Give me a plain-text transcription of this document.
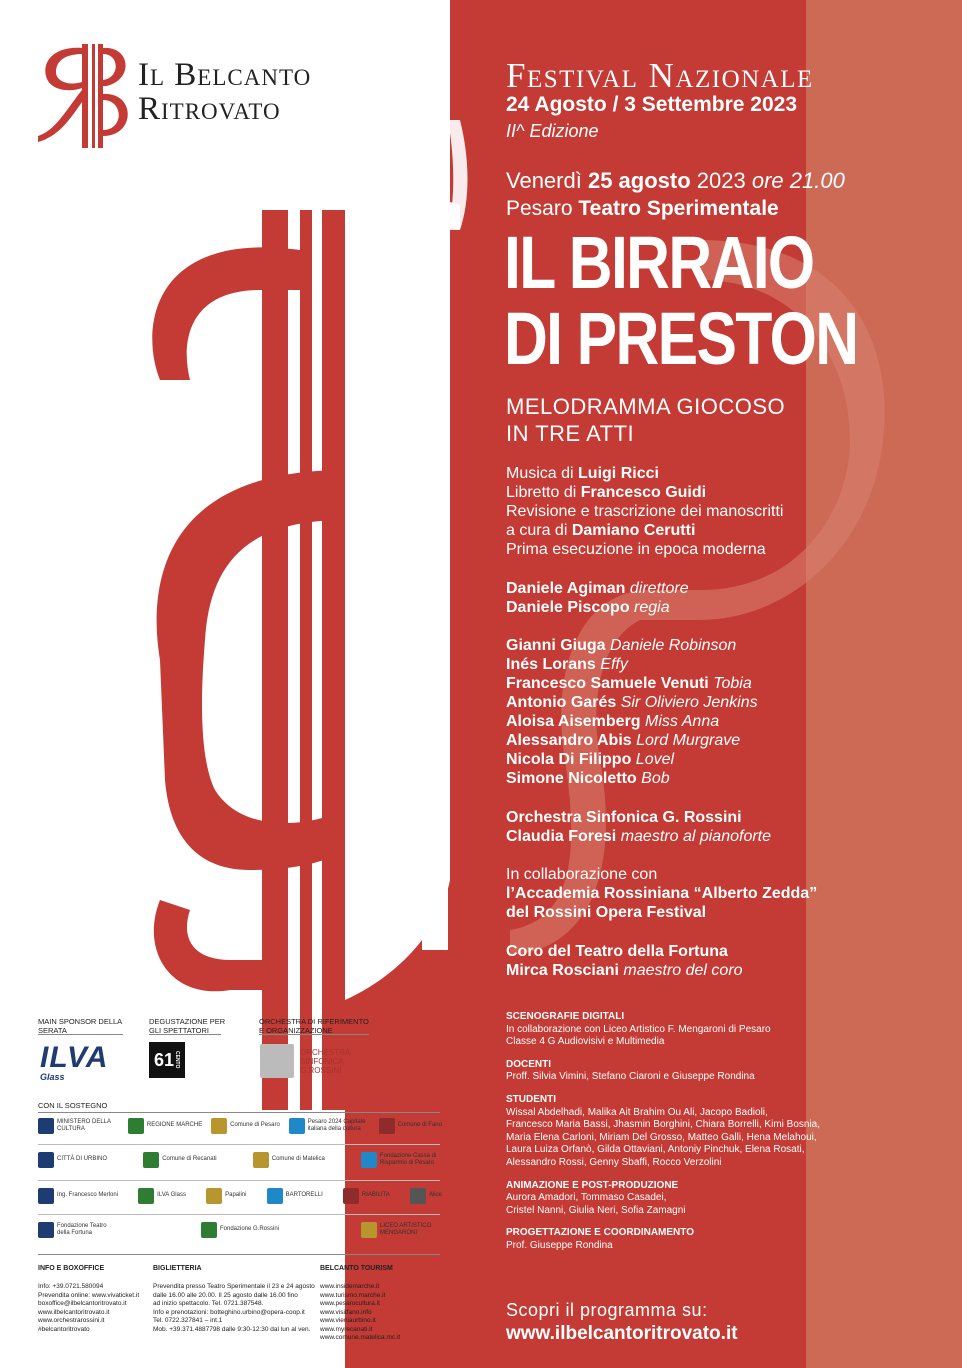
Il Belcanto
Ritrovato
Festival Nazionale
24 Agosto / 3 Settembre 2023
II^ Edizione
Venerdì 25 agosto 2023 ore 21.00
Pesaro Teatro Sperimentale
IL BIRRAIO
DI PRESTON
MELODRAMMA GIOCOSO
IN TRE ATTI
Musica di Luigi Ricci
Libretto di Francesco Guidi
Revisione e trascrizione dei manoscritti
a cura di Damiano Cerutti
Prima esecuzione in epoca moderna
Daniele Agiman direttore
Daniele Piscopo regia
Gianni Giuga Daniele Robinson
Inés Lorans Effy
Francesco Samuele Venuti Tobia
Antonio Garés Sir Oliviero Jenkins
Aloisa Aisemberg Miss Anna
Alessandro Abis Lord Murgrave
Nicola Di Filippo Lovel
Simone Nicoletto Bob
Orchestra Sinfonica G. Rossini
Claudia Foresi maestro al pianoforte
In collaborazione con
l’Accademia Rossiniana “Alberto Zedda”
del Rossini Opera Festival
Coro del Teatro della Fortuna
Mirca Rosciani maestro del coro
SCENOGRAFIE DIGITALI
In collaborazione con Liceo Artistico F. Mengaroni di Pesaro
Classe 4 G Audiovisivi e Multimedia
DOCENTI
Proff. Silvia Vimini, Stefano Ciaroni e Giuseppe Rondina
STUDENTI
Wissal Abdelhadi, Malika Ait Brahim Ou Ali, Jacopo Badioli,
Francesco Maria Bassi, Jhasmin Borghini, Chiara Borrelli, Kimi Bosnia,
Maria Elena Carloni, Miriam Del Grosso, Matteo Galli, Hena Melahoui,
Laura Luiza Orfanò, Gilda Ottaviani, Antoniy Pinchuk, Elena Rosati,
Alessandro Rossi, Genny Sbaffi, Rocco Verzolini
ANIMAZIONE E POST-PRODUZIONE
Aurora Amadori, Tommaso Casadei,
Cristel Nanni, Giulia Neri, Sofia Zamagni
PROGETTAZIONE E COORDINAMENTO
Prof. Giuseppe Rondina
Scopri il programma su:
www.ilbelcantoritrovato.it
MAIN SPONSOR DELLA SERATA
DEGUSTAZIONE PER GLI SPETTATORI
ORCHESTRA DI RIFERIMENTO E ORGANIZZAZIONE
ILVA
Glass
61 CENTO	ORCHESTRA SINFONICA G.ROSSINI
CON IL SOSTEGNO
MINISTERO DELLA CULTURA
REGIONE MARCHE	Comune di Pesaro
Pesaro 2024 Capitale italiana della cultura
Comune di Fano
CITTÀ DI URBINO	Comune di Recanati	Comune di Matelica
Fondazione Cassa di Risparmio di Pesaro
Ing. Francesco Merloni	ILVA Glass	Papalini	BARTORELLI	RIABILITA	Alice
Fondazione Teatro della Fortuna
Fondazione G.Rossini
LICEO ARTISTICO MENGARONI
INFO E BOXOFFICE
Info: +39.0721.580094
Prevendita online: www.vivaticket.it
boxoffice@ilbelcantoritrovato.it
www.ilbelcantoritrovato.it
www.orchestrarossini.it
#belcantoritrovato
BIGLIETTERIA
Prevendita presso Teatro Sperimentale il 23 e 24 agosto
dalle 16.00 alle 20.00. Il 25 agosto dalle 16.00 fino
ad inizio spettacolo. Tel. 0721.387548.
Info e prenotazioni: botteghino.urbino@opera-coop.it
Tel. 0722.327841 – int.1
Mob. +39.371.4887798 dalle 9:30-12:30 dal lun al ven.
BELCANTO TOURISM
www.insidemarche.it
www.turismo.marche.it
www.pesarocultura.it
www.visitfano.info
www.vieniaurbino.it
www.myrecanati.it
www.comune.matelica.mc.it
